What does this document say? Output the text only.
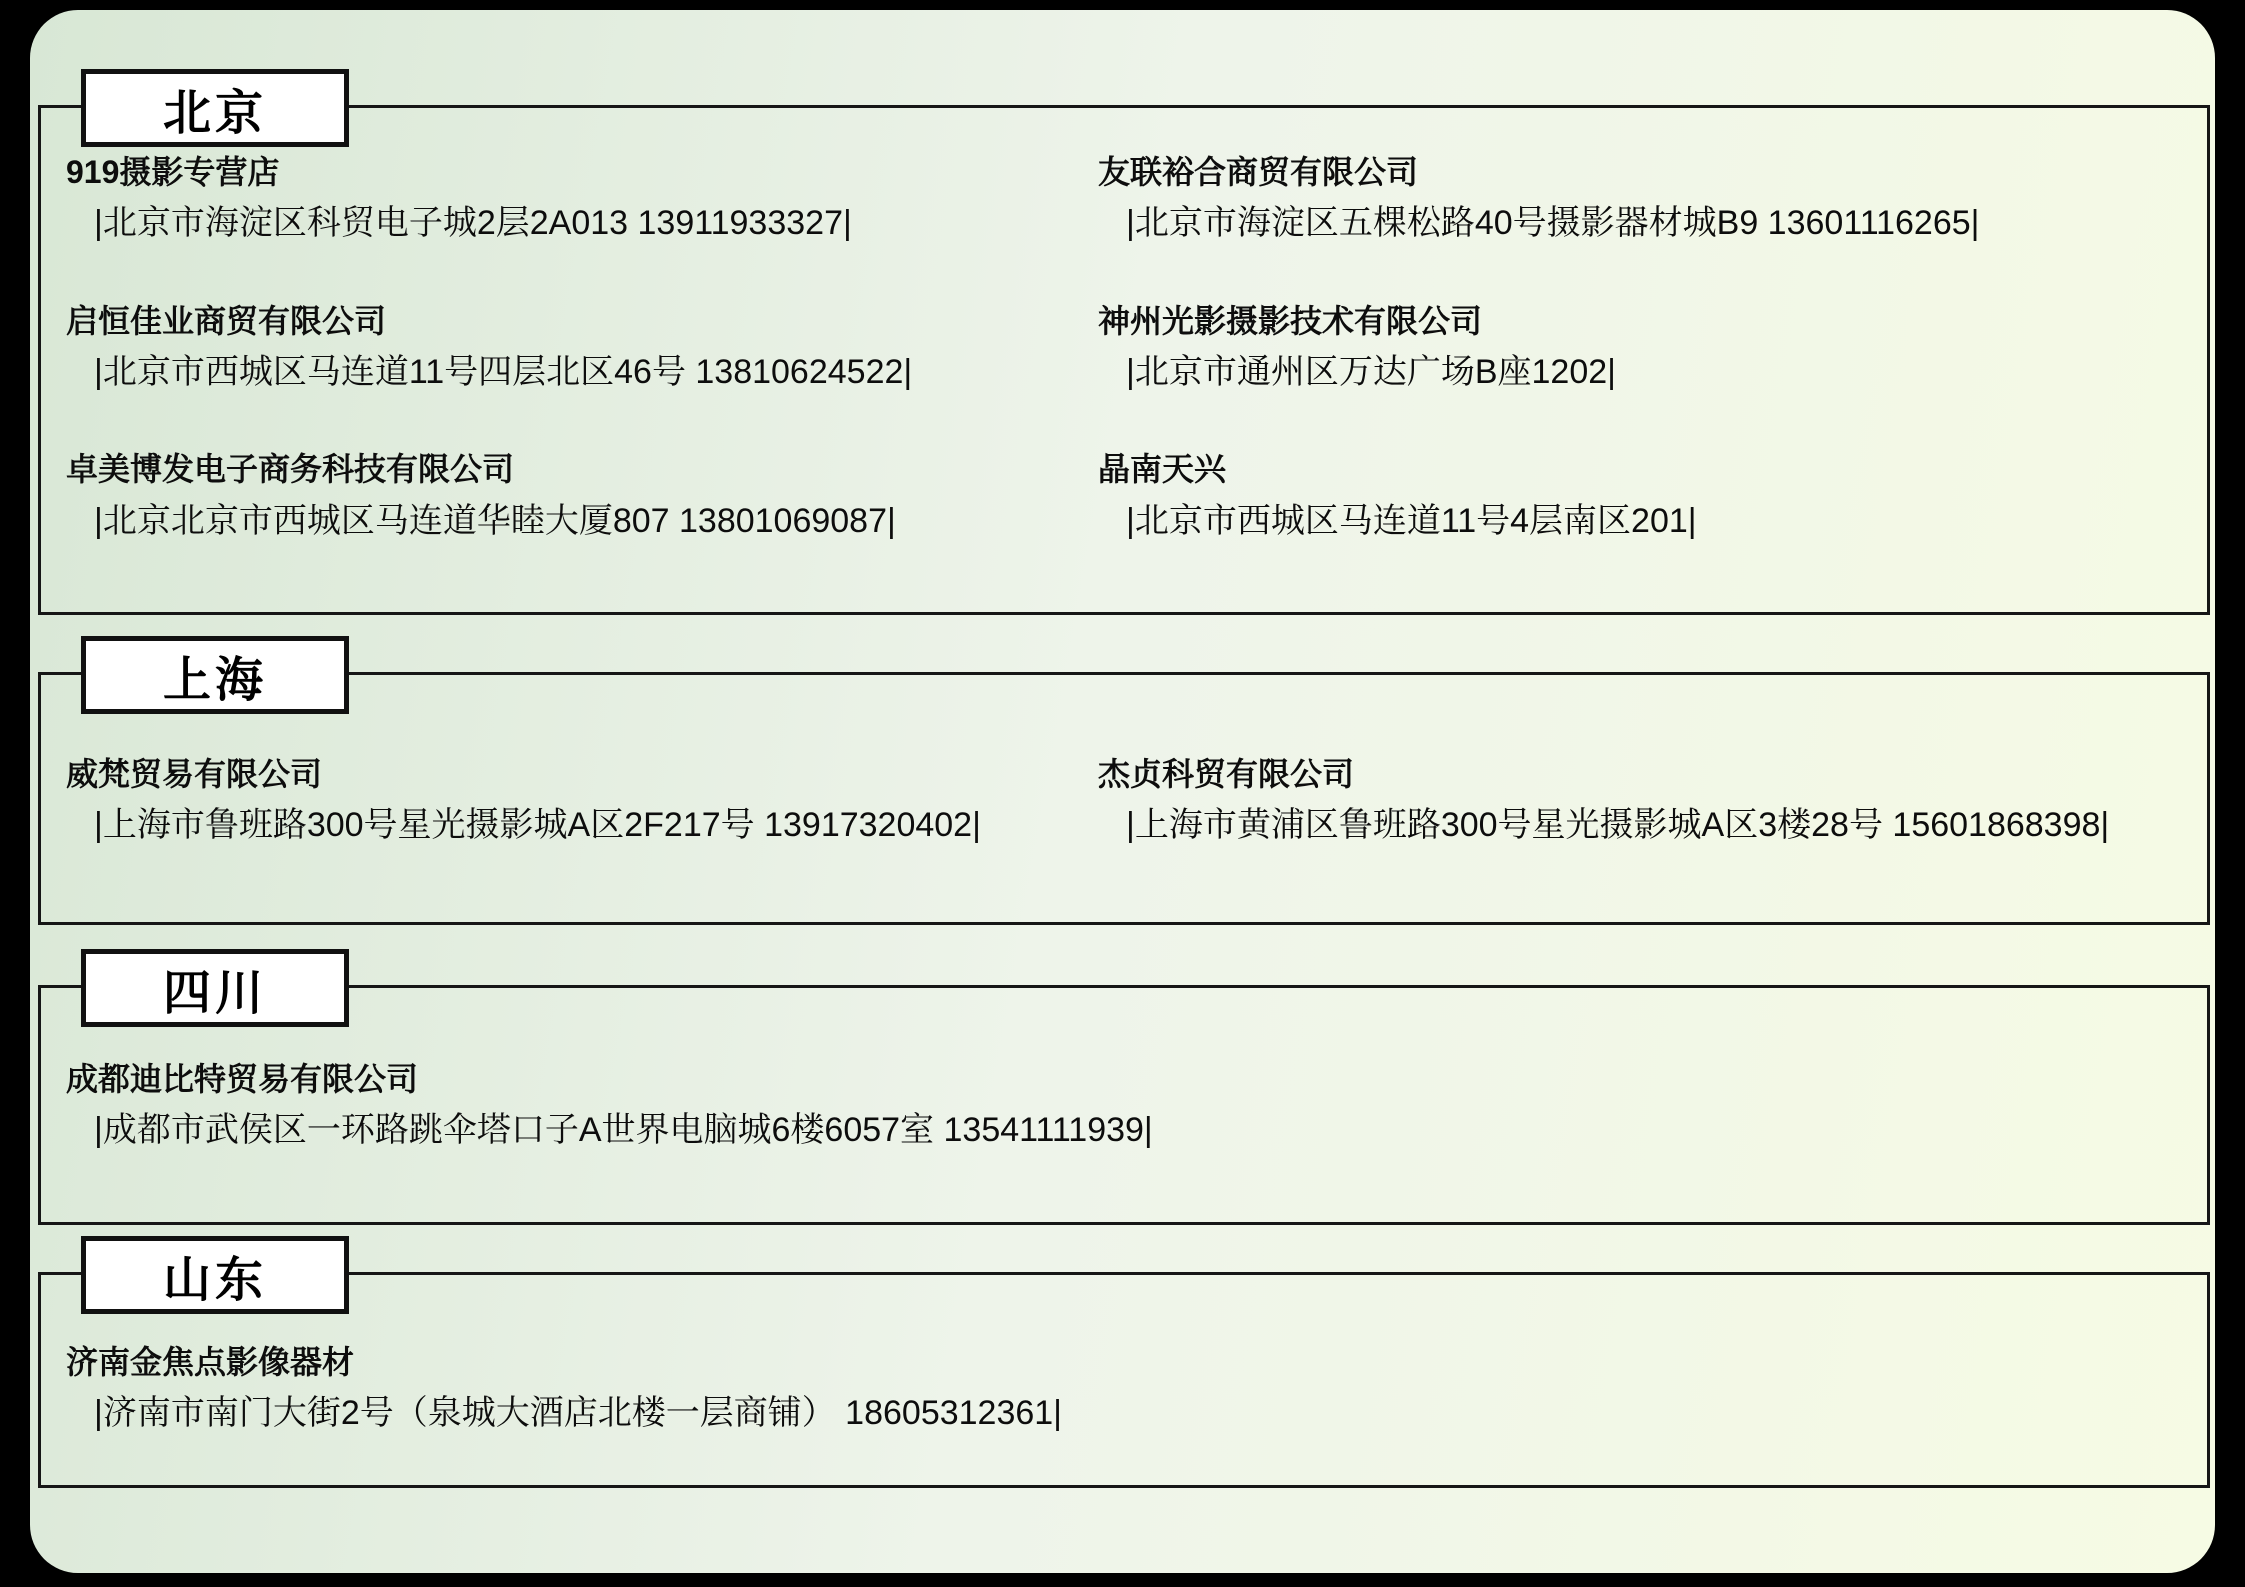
北京
919摄影专营店
|北京市海淀区科贸电子城2层2A013 13911933327|
友联裕合商贸有限公司
|北京市海淀区五棵松路40号摄影器材城B9 13601116265|
启恒佳业商贸有限公司
|北京市西城区马连道11号四层北区46号 13810624522|
神州光影摄影技术有限公司
|北京市通州区万达广场B座1202|
卓美博发电子商务科技有限公司
|北京北京市西城区马连道华睦大厦807 13801069087|
晶南天兴
|北京市西城区马连道11号4层南区201|
上海
威梵贸易有限公司
|上海市鲁班路300号星光摄影城A区2F217号 13917320402|
杰贞科贸有限公司
|上海市黄浦区鲁班路300号星光摄影城A区3楼28号 15601868398|
四川
成都迪比特贸易有限公司
|成都市武侯区一环路跳伞塔口子A世界电脑城6楼6057室 13541111939|
山东
济南金焦点影像器材
|济南市南门大街2号（泉城大酒店北楼一层商铺） 18605312361|
